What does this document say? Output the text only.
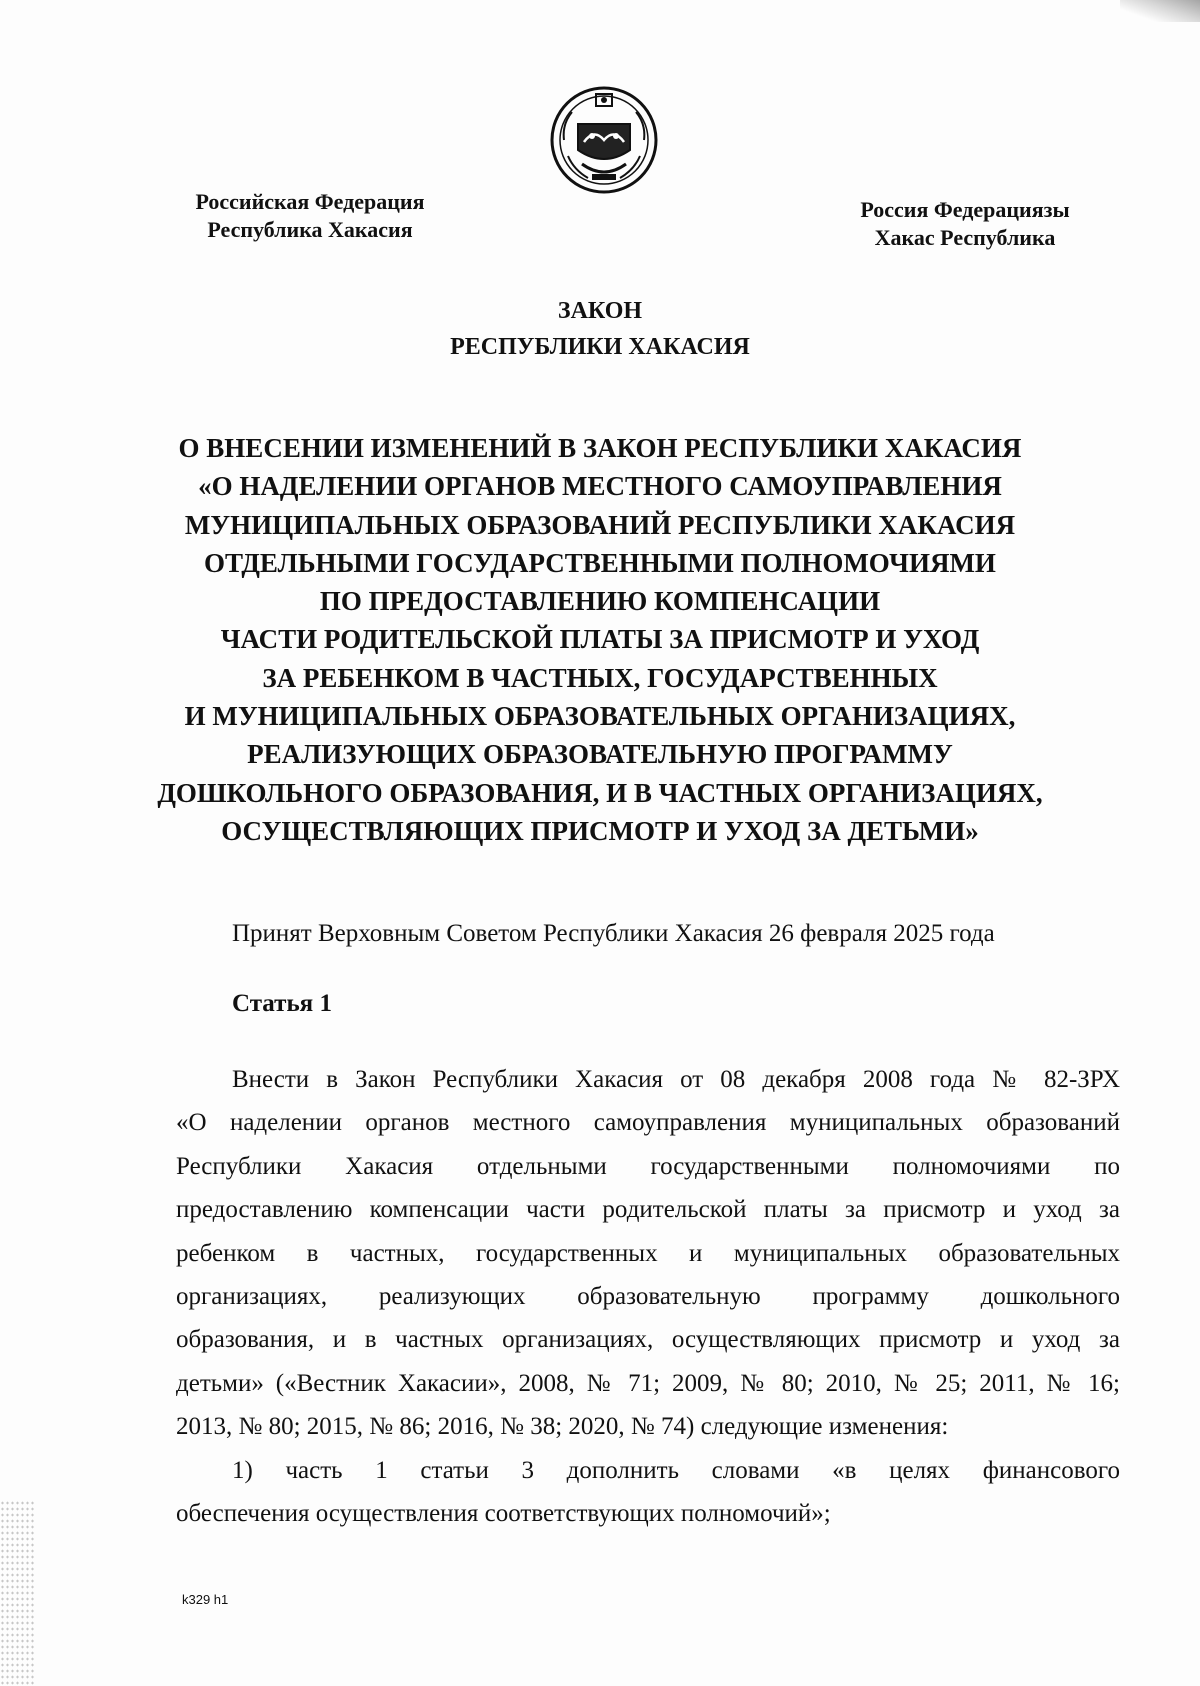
Российская Федерация
Республика Хакасия
Россия Федерациязы
Хакас Республика
ЗАКОН
РЕСПУБЛИКИ ХАКАСИЯ
О ВНЕСЕНИИ ИЗМЕНЕНИЙ В ЗАКОН РЕСПУБЛИКИ ХАКАСИЯ
«О НАДЕЛЕНИИ ОРГАНОВ МЕСТНОГО САМОУПРАВЛЕНИЯ
МУНИЦИПАЛЬНЫХ ОБРАЗОВАНИЙ РЕСПУБЛИКИ ХАКАСИЯ
ОТДЕЛЬНЫМИ ГОСУДАРСТВЕННЫМИ ПОЛНОМОЧИЯМИ
ПО ПРЕДОСТАВЛЕНИЮ КОМПЕНСАЦИИ
ЧАСТИ РОДИТЕЛЬСКОЙ ПЛАТЫ ЗА ПРИСМОТР И УХОД
ЗА РЕБЕНКОМ В ЧАСТНЫХ, ГОСУДАРСТВЕННЫХ
И МУНИЦИПАЛЬНЫХ ОБРАЗОВАТЕЛЬНЫХ ОРГАНИЗАЦИЯХ,
РЕАЛИЗУЮЩИХ ОБРАЗОВАТЕЛЬНУЮ ПРОГРАММУ
ДОШКОЛЬНОГО ОБРАЗОВАНИЯ, И В ЧАСТНЫХ ОРГАНИЗАЦИЯХ,
ОСУЩЕСТВЛЯЮЩИХ ПРИСМОТР И УХОД ЗА ДЕТЬМИ»
Принят Верховным Советом Республики Хакасия 26 февраля 2025 года
Статья 1
Внести в Закон Республики Хакасия от 08 декабря 2008 года № 82-ЗРХ
«О наделении органов местного самоуправления муниципальных образований
Республики Хакасия отдельными государственными полномочиями по
предоставлению компенсации части родительской платы за присмотр и уход за
ребенком в частных, государственных и муниципальных образовательных
организациях, реализующих образовательную программу дошкольного
образования, и в частных организациях, осуществляющих присмотр и уход за
детьми» («Вестник Хакасии», 2008, № 71; 2009, № 80; 2010, № 25; 2011, № 16;
2013, № 80; 2015, № 86; 2016, № 38; 2020, № 74) следующие изменения:
1) часть 1 статьи 3 дополнить словами «в целях финансового
обеспечения осуществления соответствующих полномочий»;
k329 h1
